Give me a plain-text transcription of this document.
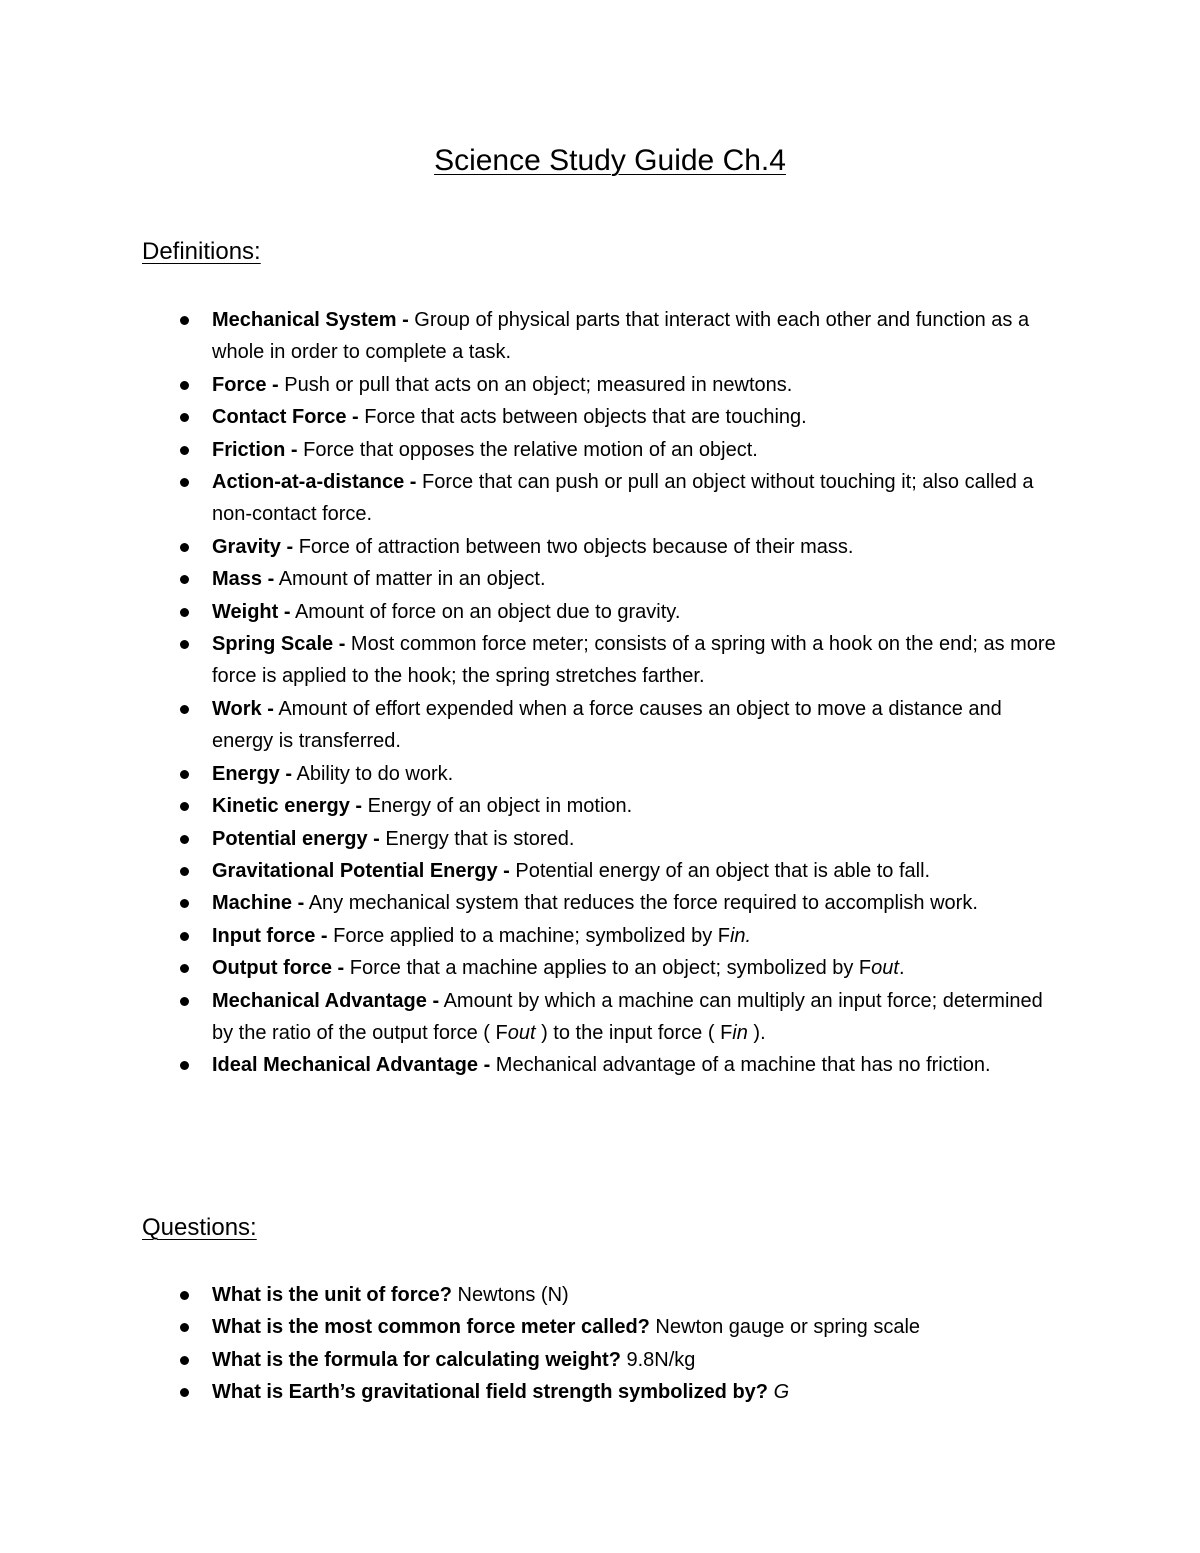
Science Study Guide Ch.4
Definitions:
Mechanical System - Group of physical parts that interact with each other and function as a whole in order to complete a task.
Force - Push or pull that acts on an object; measured in newtons.
Contact Force - Force that acts between objects that are touching.
Friction - Force that opposes the relative motion of an object.
Action-at-a-distance - Force that can push or pull an object without touching it; also called a non-contact force.
Gravity - Force of attraction between two objects because of their mass.
Mass - Amount of matter in an object.
Weight - Amount of force on an object due to gravity.
Spring Scale - Most common force meter; consists of a spring with a hook on the end; as more force is applied to the hook; the spring stretches farther.
Work - Amount of effort expended when a force causes an object to move a distance and energy is transferred.
Energy - Ability to do work.
Kinetic energy - Energy of an object in motion.
Potential energy - Energy that is stored.
Gravitational Potential Energy - Potential energy of an object that is able to fall.
Machine - Any mechanical system that reduces the force required to accomplish work.
Input force - Force applied to a machine; symbolized by Fin.
Output force - Force that a machine applies to an object; symbolized by Fout.
Mechanical Advantage - Amount by which a machine can multiply an input force; determined by the ratio of the output force ( Fout ) to the input force ( Fin ).
Ideal Mechanical Advantage - Mechanical advantage of a machine that has no friction.
Questions:
What is the unit of force? Newtons (N)
What is the most common force meter called? Newton gauge or spring scale
What is the formula for calculating weight? 9.8N/kg
What is Earth’s gravitational field strength symbolized by? G
